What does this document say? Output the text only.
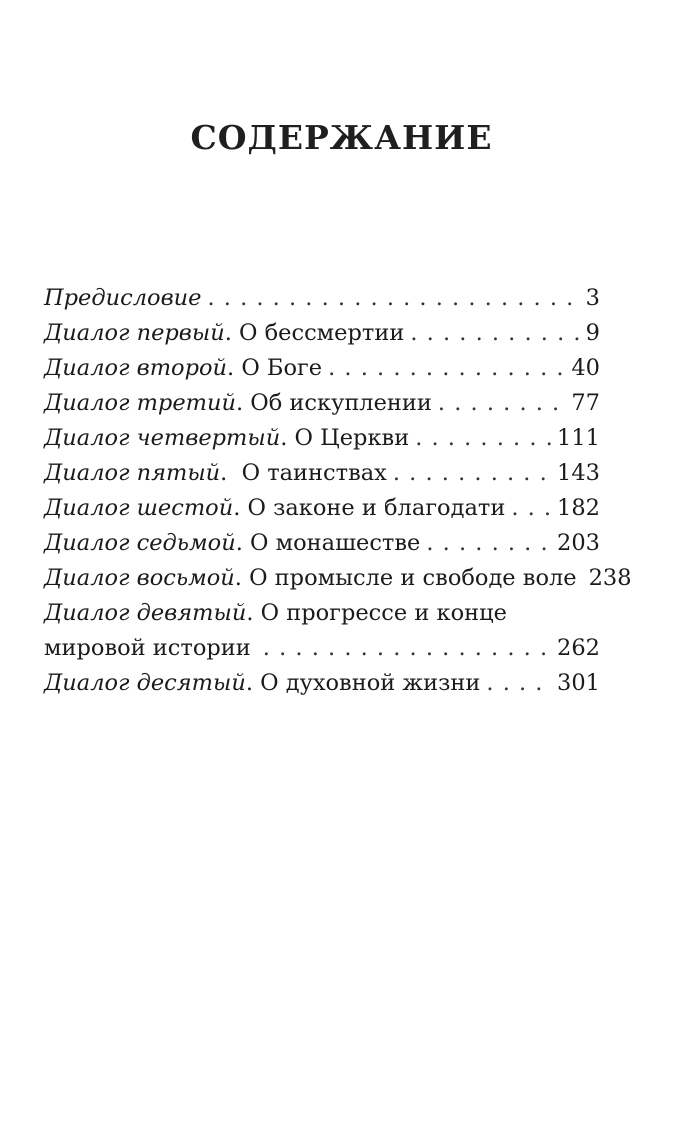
СОДЕРЖАНИЕ
Предисловие . . .	3
Диалог первый. О бессмертии . . .	9
Диалог второй. О Боге . . .	40
Диалог третий. Об искуплении . . .	77
Диалог четвертый. О Церкви . . .	111
Диалог пятый.  О таинствах . . .	143
Диалог шестой. О законе и благодати . . . 182
Диалог седьмой. О монашестве . . .	203
Диалог восьмой. О промысле и свободе воле 238
Диалог девятый. О прогрессе и конце
мировой истории . . .	262
Диалог десятый. О духовной жизни . . .	301
